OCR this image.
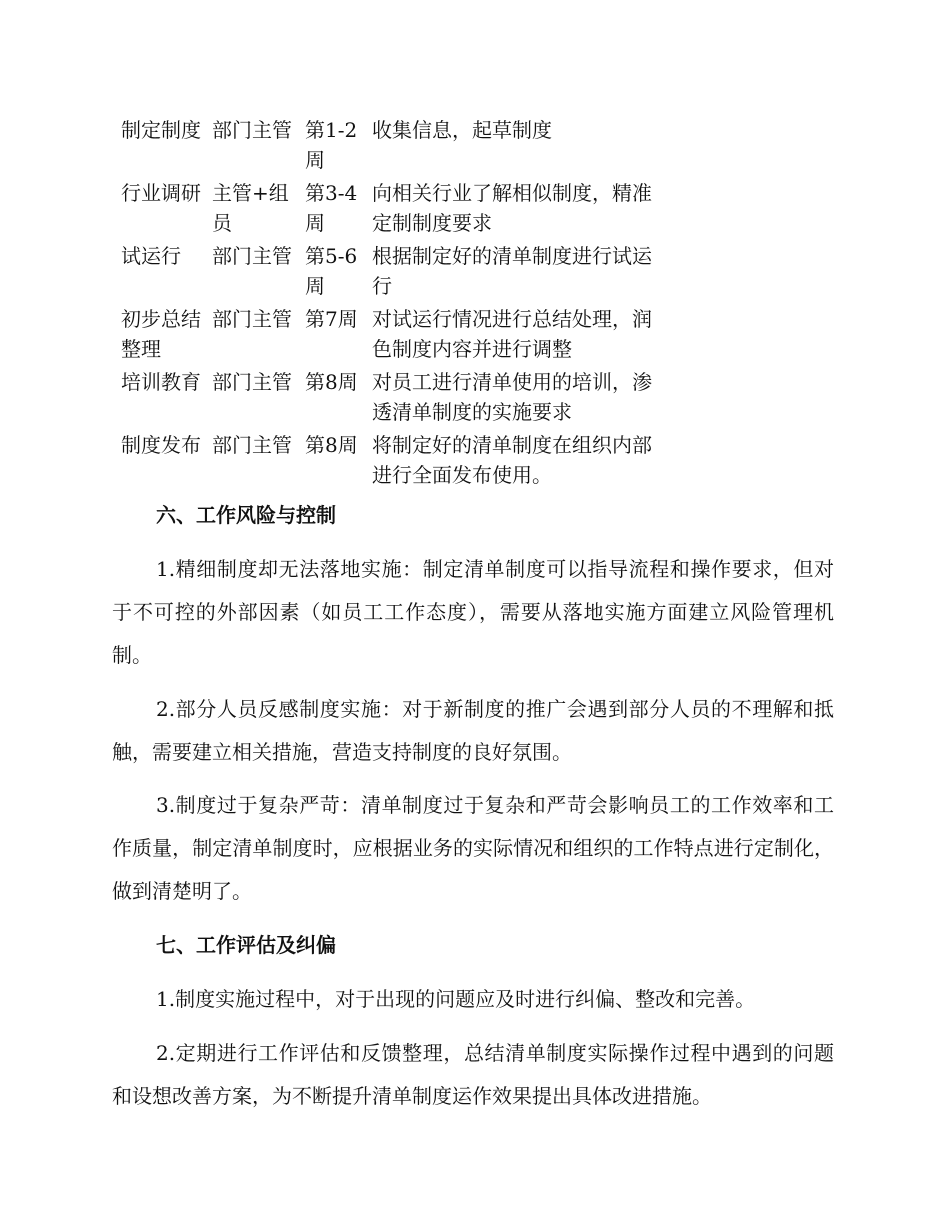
制定制度	部门主管	第1-2周	收集信息，起草制度

行业调研	主管+组员	第3-4周	向相关行业了解相似制度，精准定制制度要求

试运行	部门主管	第5-6周	根据制定好的清单制度进行试运行

初步总结整理	部门主管	第7周	对试运行情况进行总结处理，润色制度内容并进行调整

培训教育	部门主管	第8周	对员工进行清单使用的培训，渗透清单制度的实施要求

制度发布	部门主管	第8周	将制定好的清单制度在组织内部进行全面发布使用。
六、工作风险与控制

1.精细制度却无法落地实施：制定清单制度可以指导流程和操作要求，但对于不可控的外部因素（如员工工作态度），需要从落地实施方面建立风险管理机制。

2.部分人员反感制度实施：对于新制度的推广会遇到部分人员的不理解和抵触，需要建立相关措施，营造支持制度的良好氛围。

3.制度过于复杂严苛：清单制度过于复杂和严苛会影响员工的工作效率和工作质量，制定清单制度时，应根据业务的实际情况和组织的工作特点进行定制化，做到清楚明了。

七、工作评估及纠偏

1.制度实施过程中，对于出现的问题应及时进行纠偏、整改和完善。

2.定期进行工作评估和反馈整理，总结清单制度实际操作过程中遇到的问题和设想改善方案，为不断提升清单制度运作效果提出具体改进措施。
